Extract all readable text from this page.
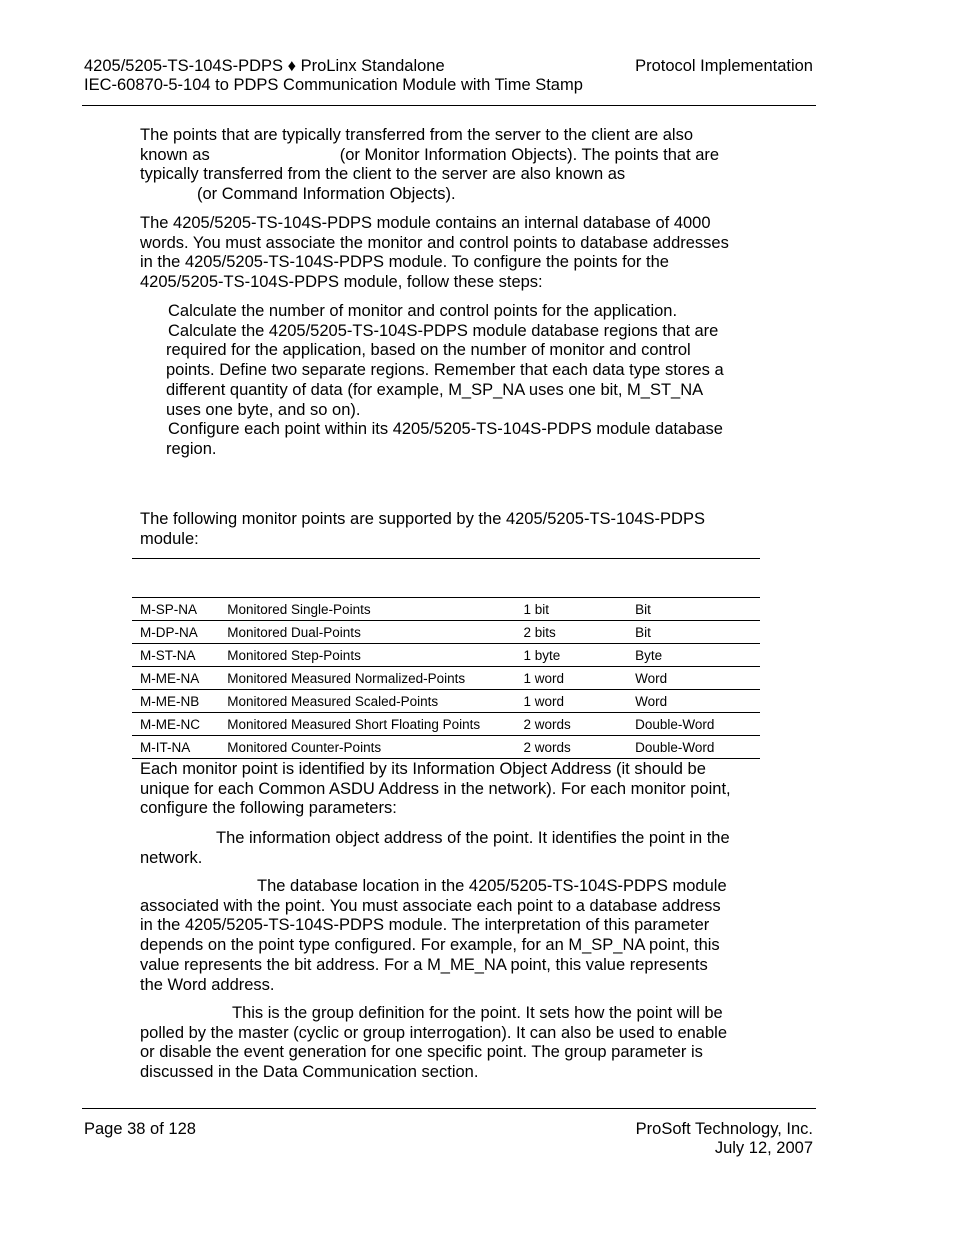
4205/5205-TS-104S-PDPS ♦ ProLinx Standalone
IEC-60870-5-104 to PDPS Communication Module with Time Stamp
Protocol Implementation
The points that are typically transferred from the server to the client are also
known as	(or Monitor Information Objects). The points that are
typically transferred from the client to the server are also known as
(or Command Information Objects).
The 4205/5205-TS-104S-PDPS module contains an internal database of 4000
words. You must associate the monitor and control points to database addresses
in the 4205/5205-TS-104S-PDPS module. To configure the points for the
4205/5205-TS-104S-PDPS module, follow these steps:
Calculate the number of monitor and control points for the application.
Calculate the 4205/5205-TS-104S-PDPS module database regions that are
required for the application, based on the number of monitor and control
points. Define two separate regions. Remember that each data type stores a
different quantity of data (for example, M_SP_NA uses one bit, M_ST_NA
uses one byte, and so on).
Configure each point within its 4205/5205-TS-104S-PDPS module database
region.
The following monitor points are supported by the 4205/5205-TS-104S-PDPS
module:
M-SP-NA	Monitored Single-Points	1 bit	Bit
M-DP-NA	Monitored Dual-Points	2 bits	Bit
M-ST-NA	Monitored Step-Points	1 byte	Byte
M-ME-NA	Monitored Measured Normalized-Points	1 word	Word
M-ME-NB	Monitored Measured Scaled-Points	1 word	Word
M-ME-NC	Monitored Measured Short Floating Points	2 words	Double-Word
M-IT-NA	Monitored Counter-Points	2 words	Double-Word
Each monitor point is identified by its Information Object Address (it should be
unique for each Common ASDU Address in the network). For each monitor point,
configure the following parameters:
The information object address of the point. It identifies the point in the
network.
The database location in the 4205/5205-TS-104S-PDPS module
associated with the point. You must associate each point to a database address
in the 4205/5205-TS-104S-PDPS module. The interpretation of this parameter
depends on the point type configured. For example, for an M_SP_NA point, this
value represents the bit address. For a M_ME_NA point, this value represents
the Word address.
This is the group definition for the point. It sets how the point will be
polled by the master (cyclic or group interrogation). It can also be used to enable
or disable the event generation for one specific point. The group parameter is
discussed in the Data Communication section.
Page 38 of 128	ProSoft Technology, Inc.
July 12, 2007
